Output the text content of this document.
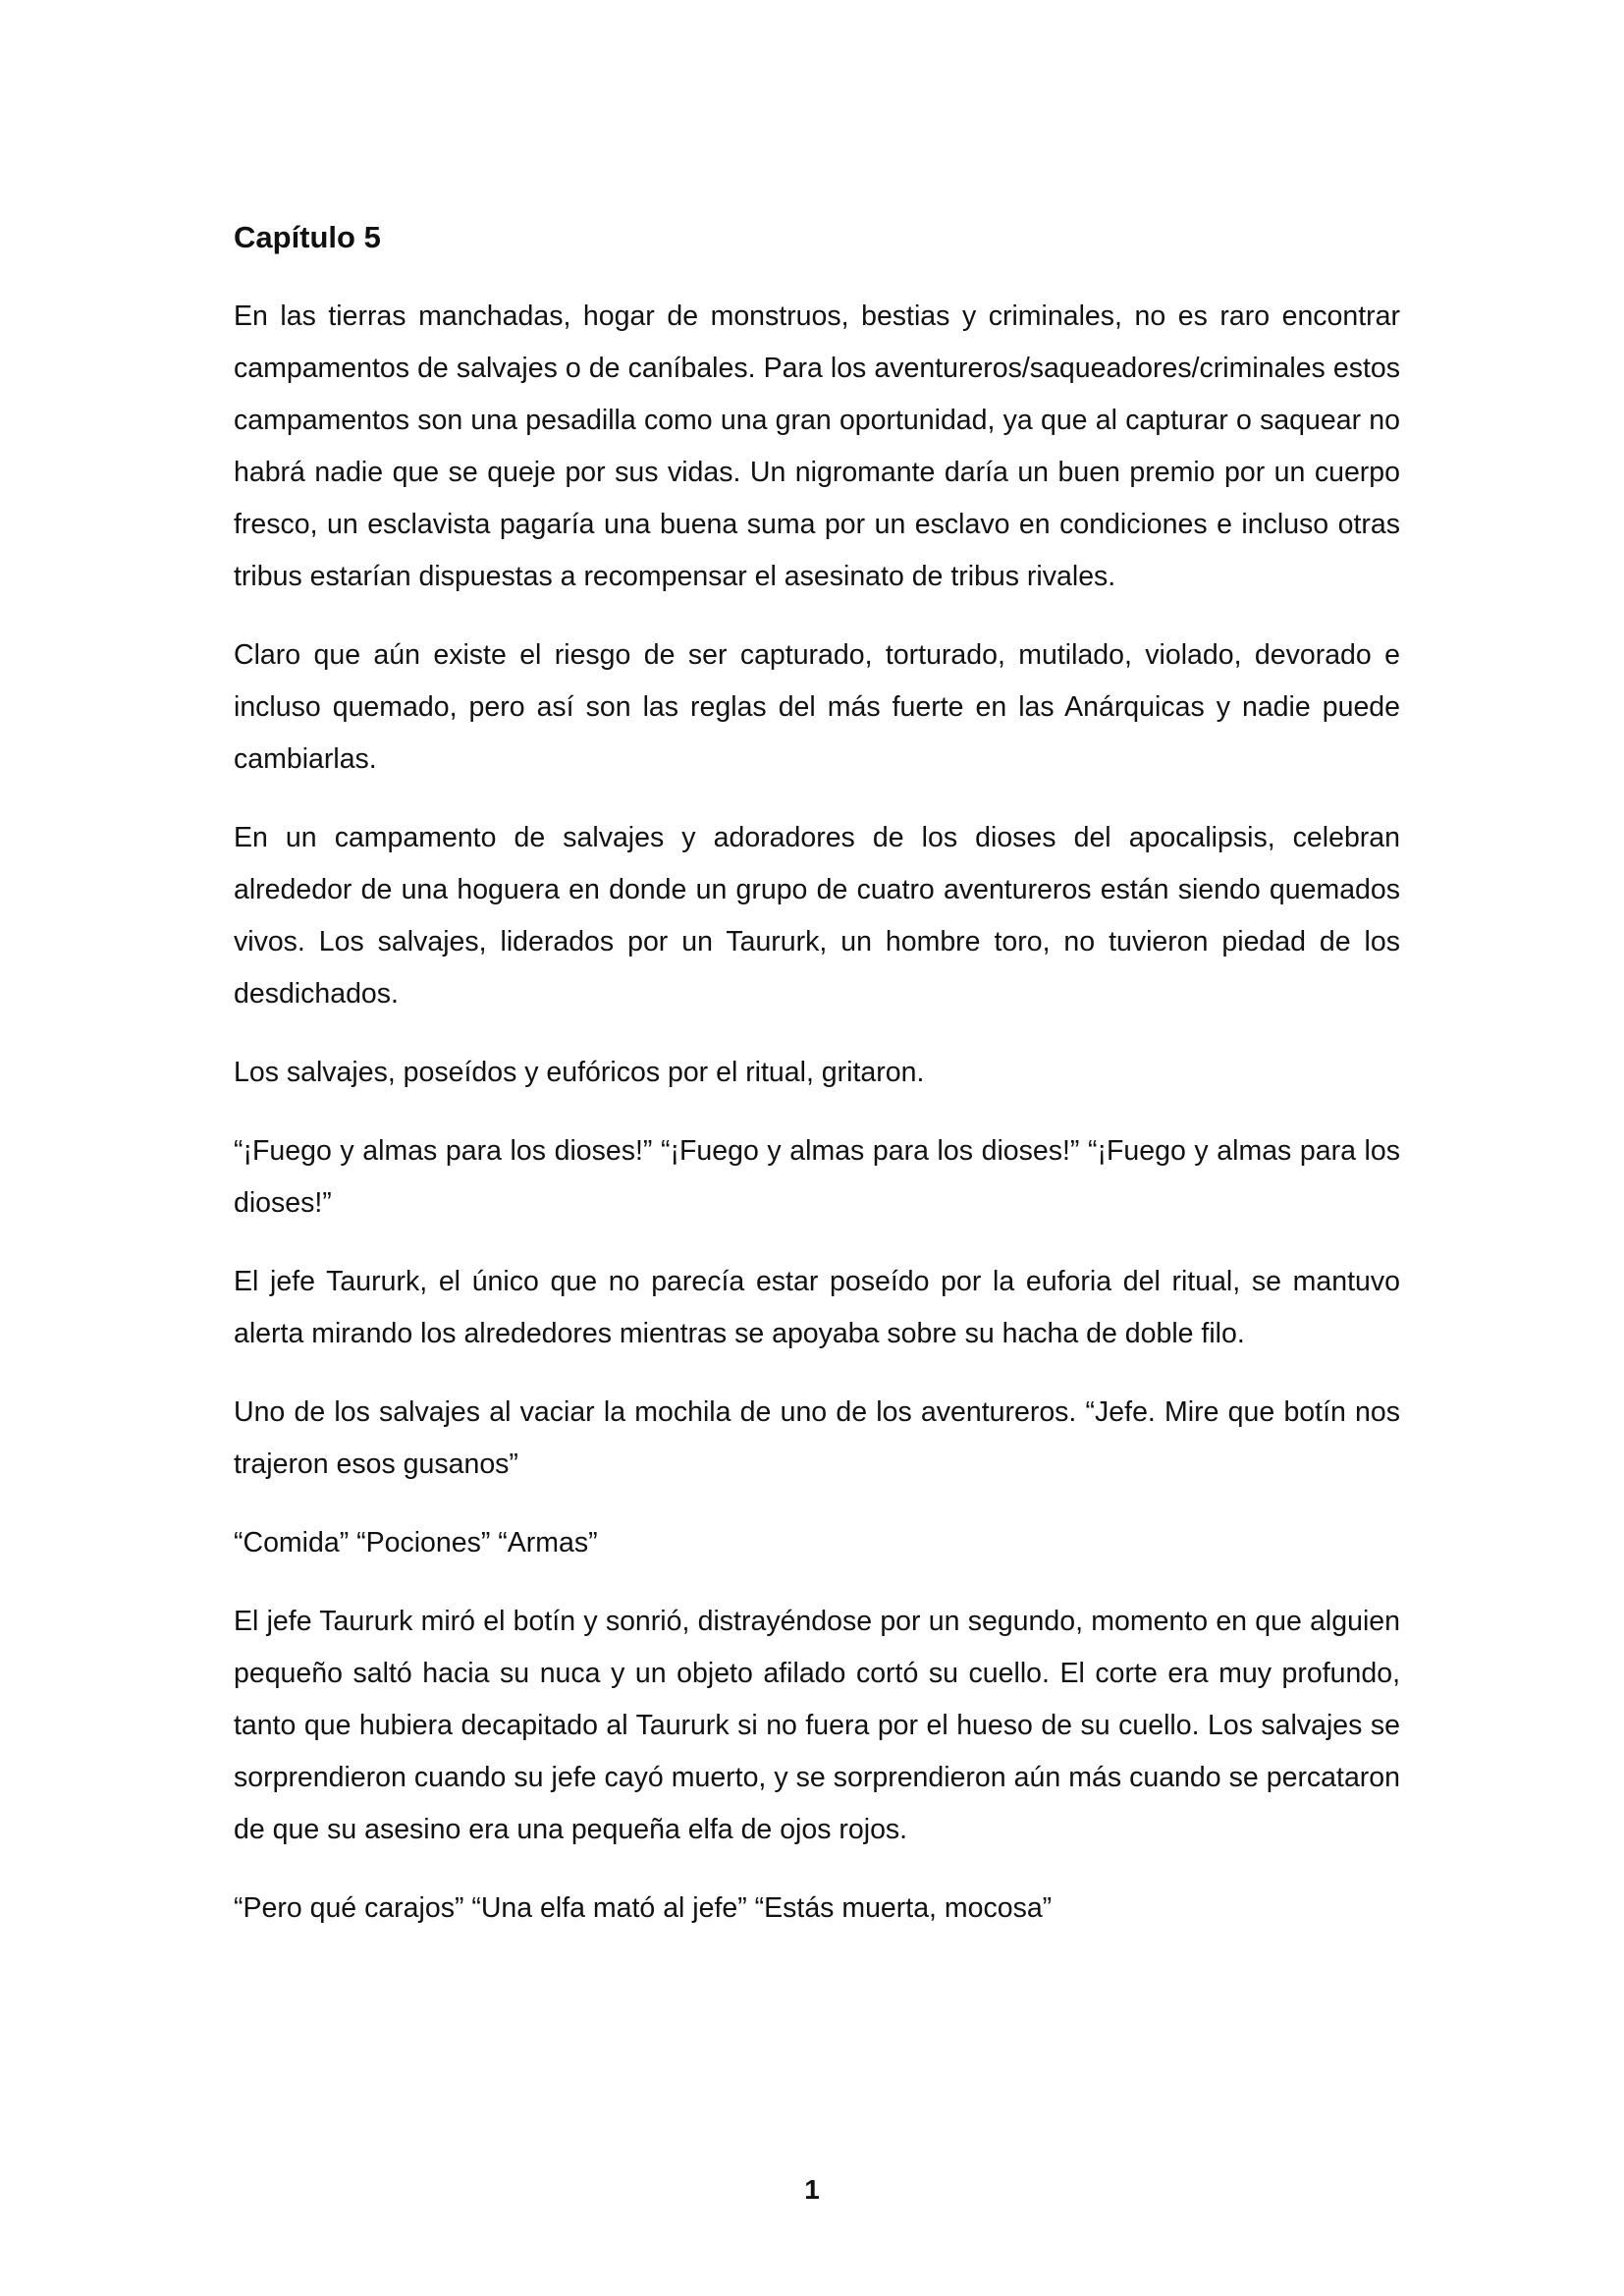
Capítulo 5

En las tierras manchadas, hogar de monstruos, bestias y criminales, no es raro encontrar campamentos de salvajes o de caníbales. Para los aventureros/saqueadores/criminales estos campamentos son una pesadilla como una gran oportunidad, ya que al capturar o saquear no habrá nadie que se queje por sus vidas. Un nigromante daría un buen premio por un cuerpo fresco, un esclavista pagaría una buena suma por un esclavo en condiciones e incluso otras tribus estarían dispuestas a recompensar el asesinato de tribus rivales.

Claro que aún existe el riesgo de ser capturado, torturado, mutilado, violado, devorado e incluso quemado, pero así son las reglas del más fuerte en las Anárquicas y nadie puede cambiarlas.

En un campamento de salvajes y adoradores de los dioses del apocalipsis, celebran alrededor de una hoguera en donde un grupo de cuatro aventureros están siendo quemados vivos. Los salvajes, liderados por un Taururk, un hombre toro, no tuvieron piedad de los desdichados.

Los salvajes, poseídos y eufóricos por el ritual, gritaron.

“¡Fuego y almas para los dioses!” “¡Fuego y almas para los dioses!” “¡Fuego y almas para los dioses!”

El jefe Taururk, el único que no parecía estar poseído por la euforia del ritual, se mantuvo alerta mirando los alrededores mientras se apoyaba sobre su hacha de doble filo.

Uno de los salvajes al vaciar la mochila de uno de los aventureros. “Jefe. Mire que botín nos trajeron esos gusanos”

“Comida” “Pociones” “Armas”

El jefe Taururk miró el botín y sonrió, distrayéndose por un segundo, momento en que alguien pequeño saltó hacia su nuca y un objeto afilado cortó su cuello. El corte era muy profundo, tanto que hubiera decapitado al Taururk si no fuera por el hueso de su cuello. Los salvajes se sorprendieron cuando su jefe cayó muerto, y se sorprendieron aún más cuando se percataron de que su asesino era una pequeña elfa de ojos rojos.

“Pero qué carajos” “Una elfa mató al jefe” “Estás muerta, mocosa”

1
